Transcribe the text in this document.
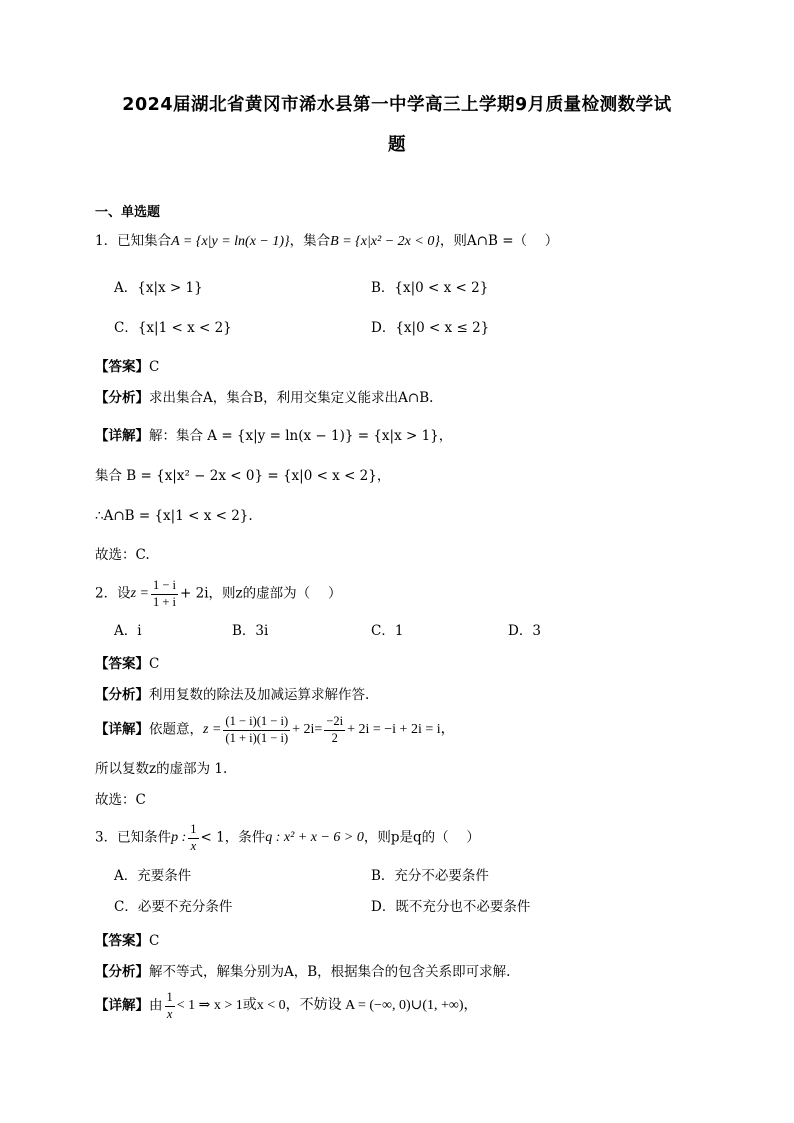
2024届湖北省黄冈市浠水县第一中学高三上学期9月质量检测数学试
题
一、单选题
1．已知集合A = {x|y = ln(x − 1)}，集合B = {x|x² − 2x < 0}，则A∩B =（　 ）
A．{x|x > 1}	B．{x|0 < x < 2}
C．{x|1 < x < 2}	D．{x|0 < x ≤ 2}
【答案】C
【分析】求出集合A，集合B，利用交集定义能求出A∩B.
【详解】解：集合 A = {x|y = ln(x − 1)} = {x|x > 1}，
集合 B = {x|x² − 2x < 0} = {x|0 < x < 2}，
∴A∩B = {x|1 < x < 2}.
故选：C.
2．设$z = \frac{1 - i}{1 + i} + 2i$，则z的虚部为（　 ）
A．i	B．3i	C．1	D．3
【答案】C
【分析】利用复数的除法及加减运算求解作答.
【详解】依题意，$z = \frac{(1 - i)(1 - i)}{(1 + i)(1 - i)} + 2i= \frac{-2i}{2} + 2i = -i + 2i = i$，
所以复数z的虚部为 1.
故选：C
3．已知条件p : $\frac{1}{x} < 1$，条件q : x² + x − 6 > 0，则p是q的（　 ）
A．充要条件	B．充分不必要条件
C．必要不充分条件	D．既不充分也不必要条件
【答案】C
【分析】解不等式，解集分别为A，B，根据集合的包含关系即可求解.
【详解】由 $\frac{1}{x} < 1$ ⇒ x > 1或x < 0，不妨设 A = (−∞, 0)∪(1, +∞)，
